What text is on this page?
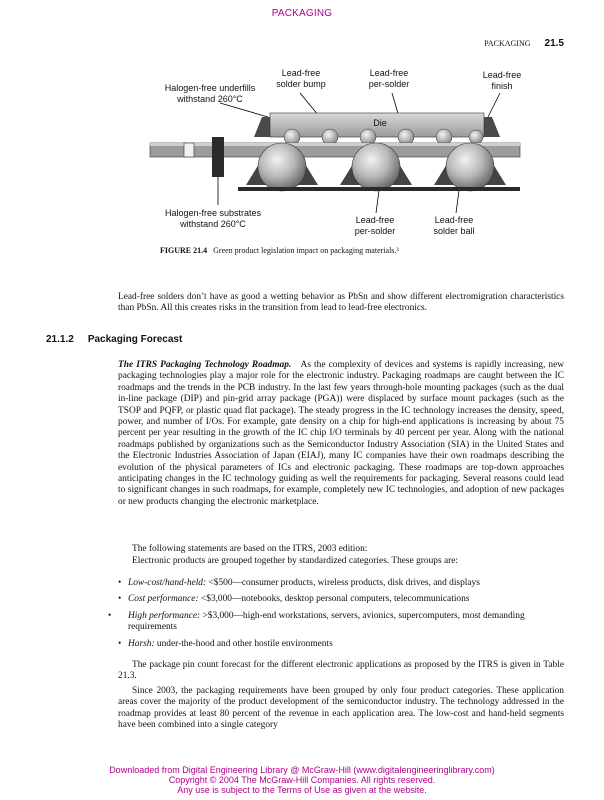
PACKAGING
PACKAGING 21.5
Halogen-free underfills
withstand 260°C
Lead-free
solder bump
Lead-free
per-solder
Lead-free
finish
Die
Halogen-free substrates
withstand 260°C	Lead-free
per-solder
Lead-free
solder ball
FIGURE 21.4 Green product legislation impact on packaging materials.³
Lead-free solders don’t have as good a wetting behavior as PbSn and show different electromigration characteristics than PbSn. All this creates risks in the transition from lead to lead-free electronics.
21.1.2 Packaging Forecast
The ITRS Packaging Technology Roadmap. As the complexity of devices and systems is rapidly increasing, new packaging technologies play a major role for the electronic industry. Packaging roadmaps are caught between the IC roadmaps and the trends in the PCB industry. In the last few years through-hole mounting packages (such as the dual in-line package (DIP) and pin-grid array package (PGA)) were displaced by surface mount packages (such as the TSOP and PQFP, or plastic quad flat package). The steady progress in the IC technology increases the density, speed, power, and number of I/Os. For example, gate density on a chip for high-end applications is increasing by about 75 percent per year resulting in the growth of the IC chip I/O terminals by 40 percent per year. Along with the national roadmaps published by organizations such as the Semiconductor Industry Association (SIA) in the United States and the Electronic Industries Association of Japan (EIAJ), many IC companies have their own roadmaps describing the evolution of the physical parameters of ICs and electronic packaging. These roadmaps are top-down approaches anticipating changes in the IC technology guiding as well the requirements for packaging. Several reasons could lead to significant changes in such roadmaps, for example, completely new IC technologies, and adoption of new packages or new products changing the electronic marketplace.
The following statements are based on the ITRS, 2003 edition:
Electronic products are grouped together by standardized categories. These groups are:
• Low-cost/hand-held: <$500—consumer products, wireless products, disk drives, and displays
• Cost performance: <$3,000—notebooks, desktop personal computers, telecommunications
• High performance: >$3,000—high-end workstations, servers, avionics, supercomputers, most demanding requirements
• Harsh: under-the-hood and other hostile environments
The package pin count forecast for the different electronic applications as proposed by the ITRS is given in Table 21.3.
Since 2003, the packaging requirements have been grouped by only four product categories. These application areas cover the majority of the product development of the semiconductor industry. The technology addressed in the roadmap provides at least 80 percent of the revenue in each application area. The low-cost and hand-held segments have been combined into a single category
Downloaded from Digital Engineering Library @ McGraw-Hill (www.digitalengineeringlibrary.com)
Copyright © 2004 The McGraw-Hill Companies. All rights reserved.
Any use is subject to the Terms of Use as given at the website.
